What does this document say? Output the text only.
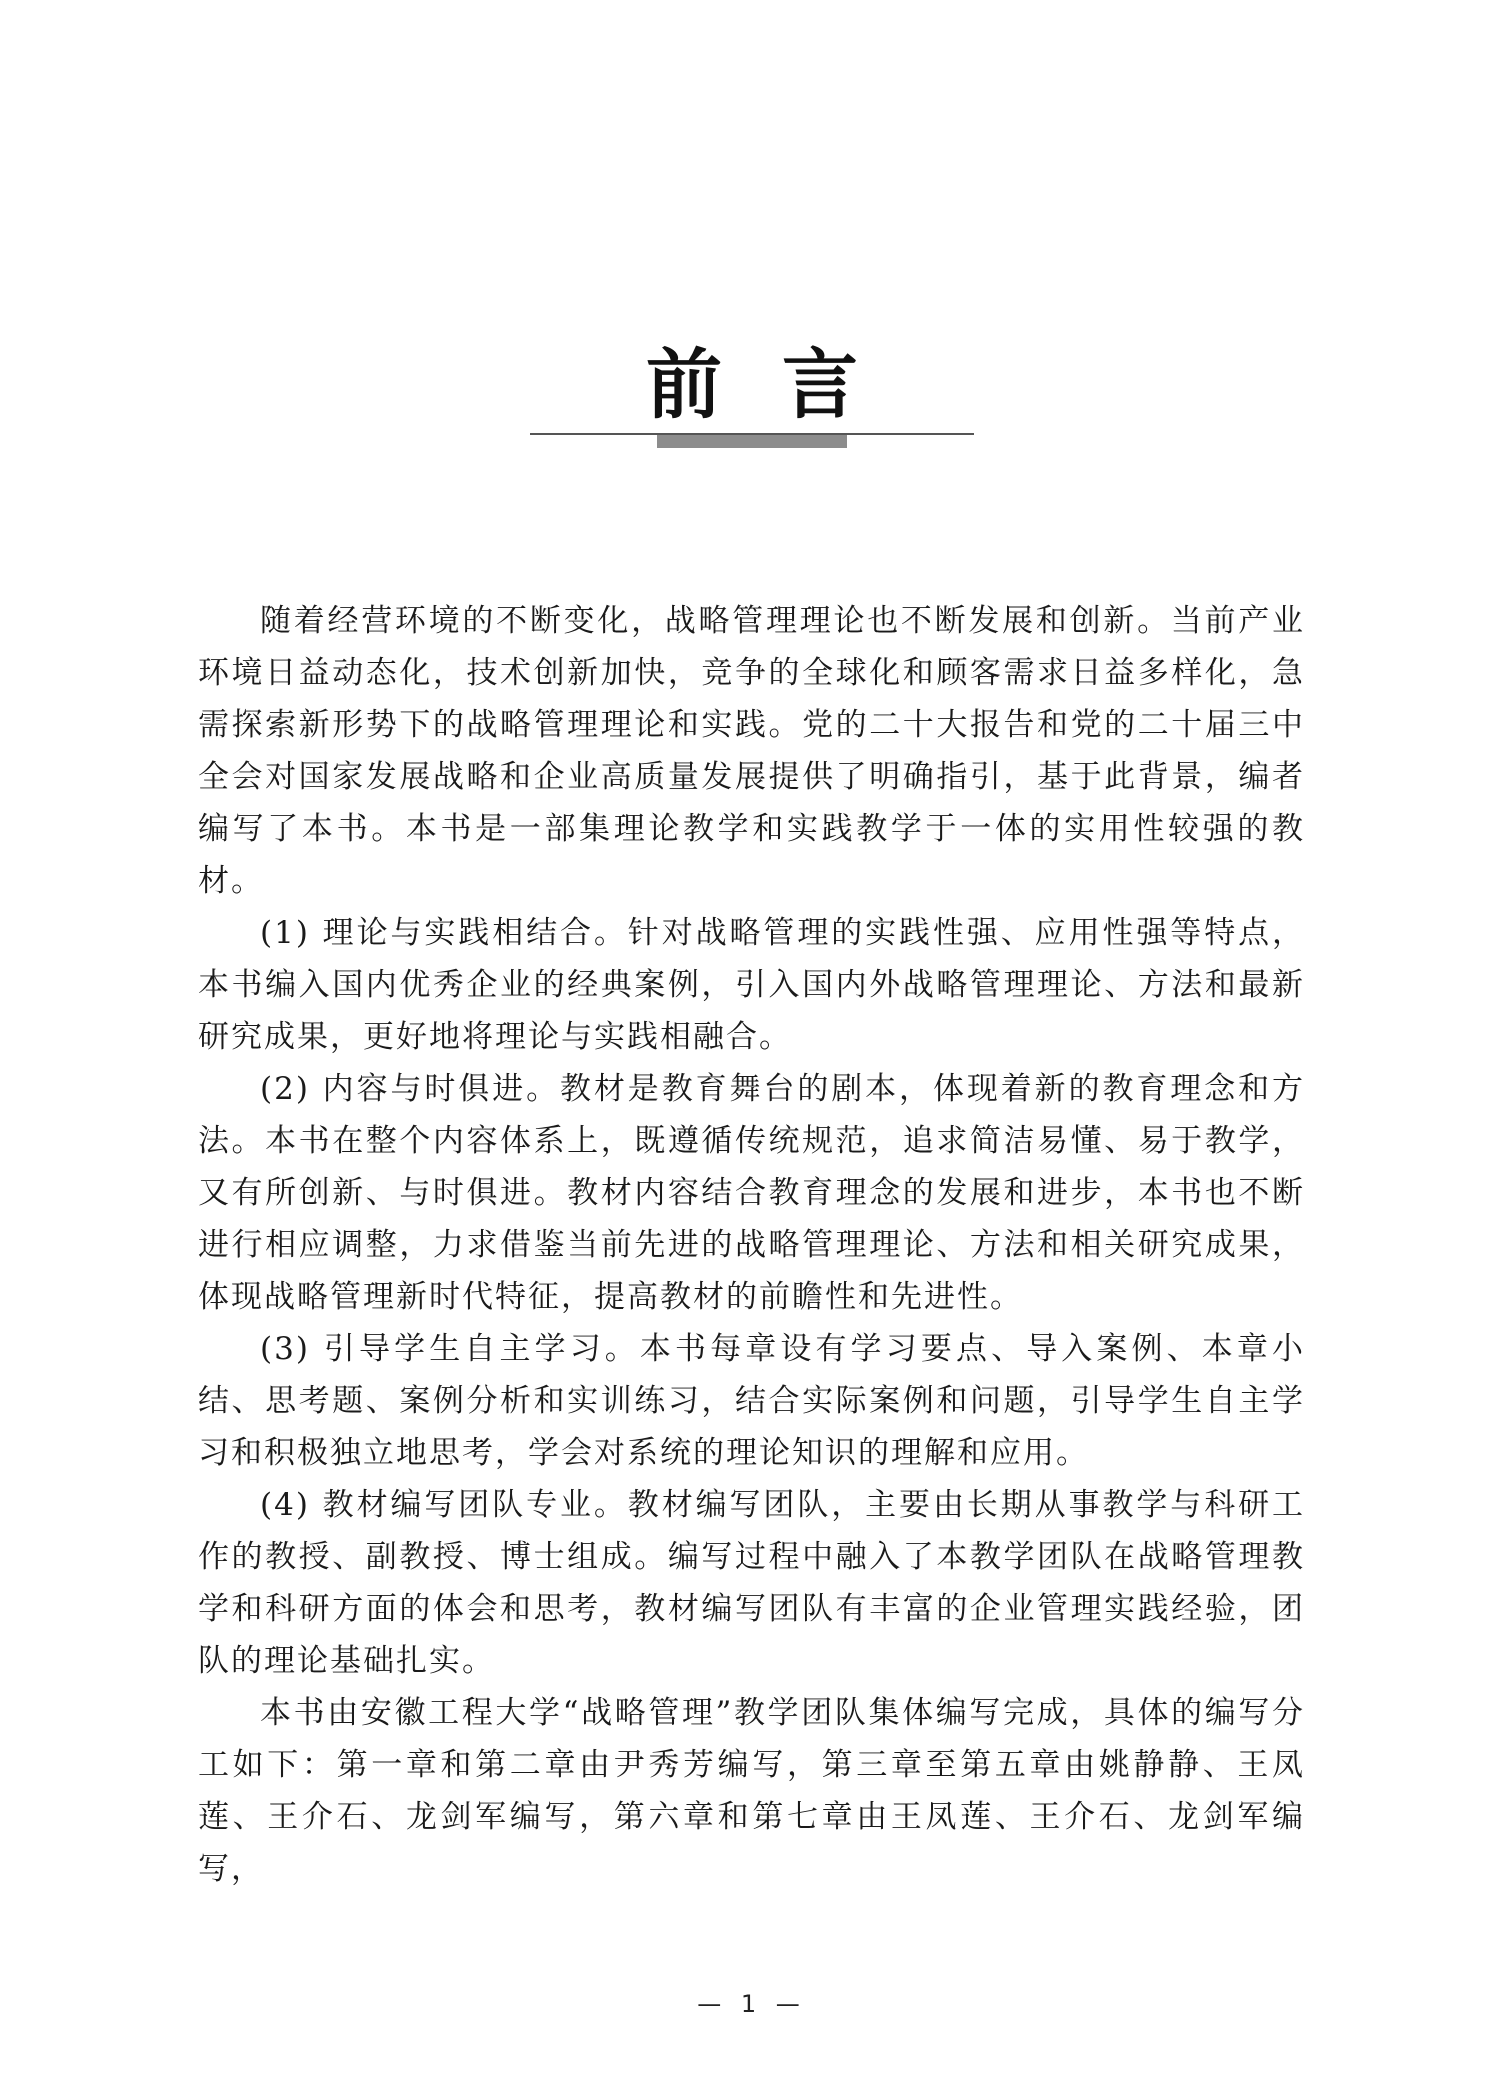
前言

随着经营环境的不断变化，战略管理理论也不断发展和创新。当前产业环境日益动态化，技术创新加快，竞争的全球化和顾客需求日益多样化，急需探索新形势下的战略管理理论和实践。党的二十大报告和党的二十届三中全会对国家发展战略和企业高质量发展提供了明确指引，基于此背景，编者编写了本书。本书是一部集理论教学和实践教学于一体的实用性较强的教材。

(1) 理论与实践相结合。针对战略管理的实践性强、应用性强等特点，本书编入国内优秀企业的经典案例，引入国内外战略管理理论、方法和最新研究成果，更好地将理论与实践相融合。

(2) 内容与时俱进。教材是教育舞台的剧本，体现着新的教育理念和方法。本书在整个内容体系上，既遵循传统规范，追求简洁易懂、易于教学，又有所创新、与时俱进。教材内容结合教育理念的发展和进步，本书也不断进行相应调整，力求借鉴当前先进的战略管理理论、方法和相关研究成果，体现战略管理新时代特征，提高教材的前瞻性和先进性。

(3) 引导学生自主学习。本书每章设有学习要点、导入案例、本章小结、思考题、案例分析和实训练习，结合实际案例和问题，引导学生自主学习和积极独立地思考，学会对系统的理论知识的理解和应用。

(4) 教材编写团队专业。教材编写团队，主要由长期从事教学与科研工作的教授、副教授、博士组成。编写过程中融入了本教学团队在战略管理教学和科研方面的体会和思考，教材编写团队有丰富的企业管理实践经验，团队的理论基础扎实。

本书由安徽工程大学“战略管理”教学团队集体编写完成，具体的编写分工如下：第一章和第二章由尹秀芳编写，第三章至第五章由姚静静、王凤莲、王介石、龙剑军编写，第六章和第七章由王凤莲、王介石、龙剑军编写，

— 1 —
